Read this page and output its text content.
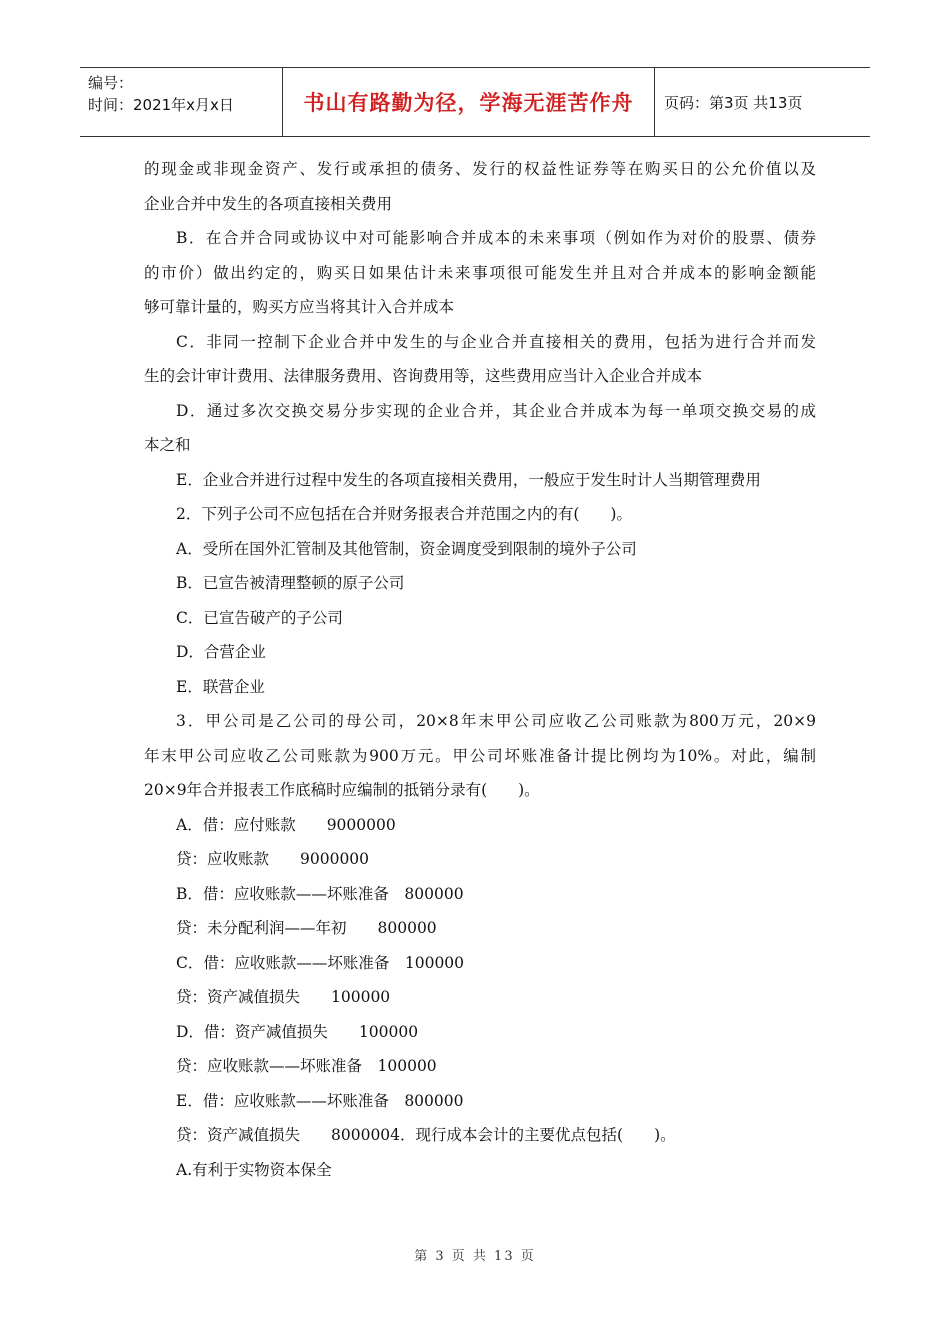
编号：
时间：2021年x月x日	书山有路勤为径，学海无涯苦作舟	页码：第3页 共13页
的现金或非现金资产、发行或承担的债务、发行的权益性证券等在购买日的公允价值以及
企业合并中发生的各项直接相关费用
B．在合并合同或协议中对可能影响合并成本的未来事项（例如作为对价的股票、债券
的市价）做出约定的，购买日如果估计未来事项很可能发生并且对合并成本的影响金额能
够可靠计量的，购买方应当将其计入合并成本
C．非同一控制下企业合并中发生的与企业合并直接相关的费用，包括为进行合并而发
生的会计审计费用、法律服务费用、咨询费用等，这些费用应当计入企业合并成本
D．通过多次交换交易分步实现的企业合并，其企业合并成本为每一单项交换交易的成
本之和
E．企业合并进行过程中发生的各项直接相关费用，一般应于发生时计人当期管理费用
2．下列子公司不应包括在合并财务报表合并范围之内的有(　　)。
A．受所在国外汇管制及其他管制，资金调度受到限制的境外子公司
B．已宣告被清理整顿的原子公司
C．已宣告破产的子公司
D．合营企业
E．联营企业
3．甲公司是乙公司的母公司，20×8年末甲公司应收乙公司账款为800万元，20×9
年末甲公司应收乙公司账款为900万元。甲公司坏账准备计提比例均为10%。对此，编制
20×9年合并报表工作底稿时应编制的抵销分录有(　　)。
A．借：应付账款　　9000000
贷：应收账款　　9000000
B．借：应收账款——坏账准备　800000
贷：未分配利润——年初　　800000
C．借：应收账款——坏账准备　100000
贷：资产减值损失　　100000
D．借：资产减值损失　　100000
贷：应收账款——坏账准备　100000
E．借：应收账款——坏账准备　800000
贷：资产减值损失　　8000004．现行成本会计的主要优点包括(　　)。
A.有利于实物资本保全
第 3 页 共 13 页
